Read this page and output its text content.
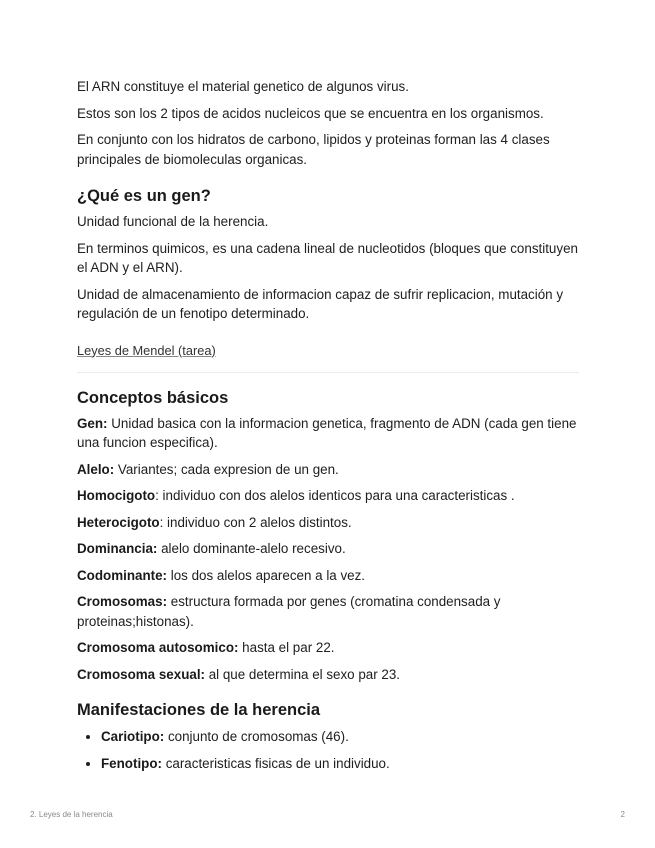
El ARN constituye el material genetico de algunos virus.

Estos son los 2 tipos de acidos nucleicos que se encuentra en los organismos.

En conjunto con los hidratos de carbono, lipidos y proteinas forman las 4 clases principales de biomoleculas organicas.

¿Qué es un gen?

Unidad funcional de la herencia.

En terminos quimicos, es una cadena lineal de nucleotidos (bloques que constituyen el ADN y el ARN).

Unidad de almacenamiento de informacion capaz de sufrir replicacion, mutación y regulación de un fenotipo determinado.

Leyes de Mendel (tarea)
Conceptos básicos

Gen: Unidad basica con la informacion genetica, fragmento de ADN (cada gen tiene una funcion especifica).

Alelo: Variantes; cada expresion de un gen.

Homocigoto: individuo con dos alelos identicos para una caracteristicas .

Heterocigoto: individuo con 2 alelos distintos.

Dominancia: alelo dominante-alelo recesivo.

Codominante: los dos alelos aparecen a la vez.

Cromosomas: estructura formada por genes (cromatina condensada y proteinas;histonas).

Cromosoma autosomico: hasta el par 22.

Cromosoma sexual: al que determina el sexo par 23.

Manifestaciones de la herencia
• Cariotipo: conjunto de cromosomas (46).
• Fenotipo: caracteristicas fisicas de un individuo.
2. Leyes de la herencia	2
